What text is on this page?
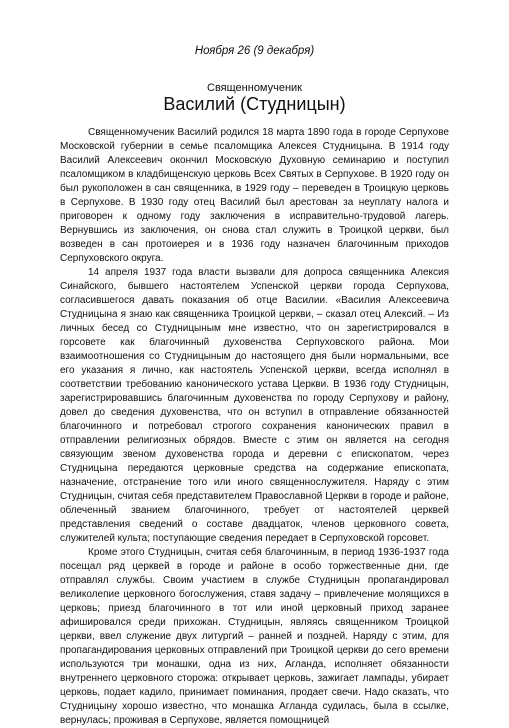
Ноября 26 (9 декабря)

Священномученик

Василий (Студницын)

Священномученик Василий родился 18 марта 1890 года в городе Серпухове Московской губернии в семье псаломщика Алексея Студницына. В 1914 году Василий Алексеевич окончил Московскую Духовную семинарию и поступил псаломщиком в кладбищенскую церковь Всех Святых в Серпухове. В 1920 году он был рукоположен в сан священника, в 1929 году – переведен в Троицкую церковь в Серпухове. В 1930 году отец Василий был арестован за неуплату налога и приговорен к одному году заключения в исправительно-трудовой лагерь. Вернувшись из заключения, он снова стал служить в Троицкой церкви, был возведен в сан протоиерея и в 1936 году назначен благочинным приходов Серпуховского округа.

14 апреля 1937 года власти вызвали для допроса священника Алексия Синайского, бывшего настоятелем Успенской церкви города Серпухова, согласившегося давать показания об отце Василии. «Василия Алексеевича Студницына я знаю как священника Троицкой церкви, – сказал отец Алексий. – Из личных бесед со Студницыным мне известно, что он зарегистрировался в горсовете как благочинный духовенства Серпуховского района. Мои взаимоотношения со Студницыным до настоящего дня были нормальными, все его указания я лично, как настоятель Успенской церкви, всегда исполнял в соответствии требованию канонического устава Церкви. В 1936 году Студницын, зарегистрировавшись благочинным духовенства по городу Серпухову и району, довел до сведения духовенства, что он вступил в отправление обязанностей благочинного и потребовал строгого сохранения канонических правил в отправлении религиозных обрядов. Вместе с этим он является на сегодня связующим звеном духовенства города и деревни с епископатом, через Студницына передаются церковные средства на содержание епископата, назначение, отстранение того или иного священнослужителя. Наряду с этим Студницын, считая себя представителем Православной Церкви в городе и районе, облеченный званием благочинного, требует от настоятелей церквей представления сведений о составе двадцаток, членов церковного совета, служителей культа; поступающие сведения передает в Серпуховской горсовет.

Кроме этого Студницын, считая себя благочинным, в период 1936-1937 года посещал ряд церквей в городе и районе в особо торжественные дни, где отправлял службы. Своим участием в службе Студницын пропагандировал великолепие церковного богослужения, ставя задачу – привлечение молящихся в церковь; приезд благочинного в тот или иной церковный приход заранее афишировался среди прихожан. Студницын, являясь священником Троицкой церкви, ввел служение двух литургий – ранней и поздней. Наряду с этим, для пропагандирования церковных отправлений при Троицкой церкви до сего времени используются три монашки, одна из них, Агланда, исполняет обязанности внутреннего церковного сторожа: открывает церковь, зажигает лампады, убирает церковь, подает кадило, принимает поминания, продает свечи. Надо сказать, что Студницыну хорошо известно, что монашка Агланда судилась, была в ссылке, вернулась; проживая в Серпухове, является помощницей
